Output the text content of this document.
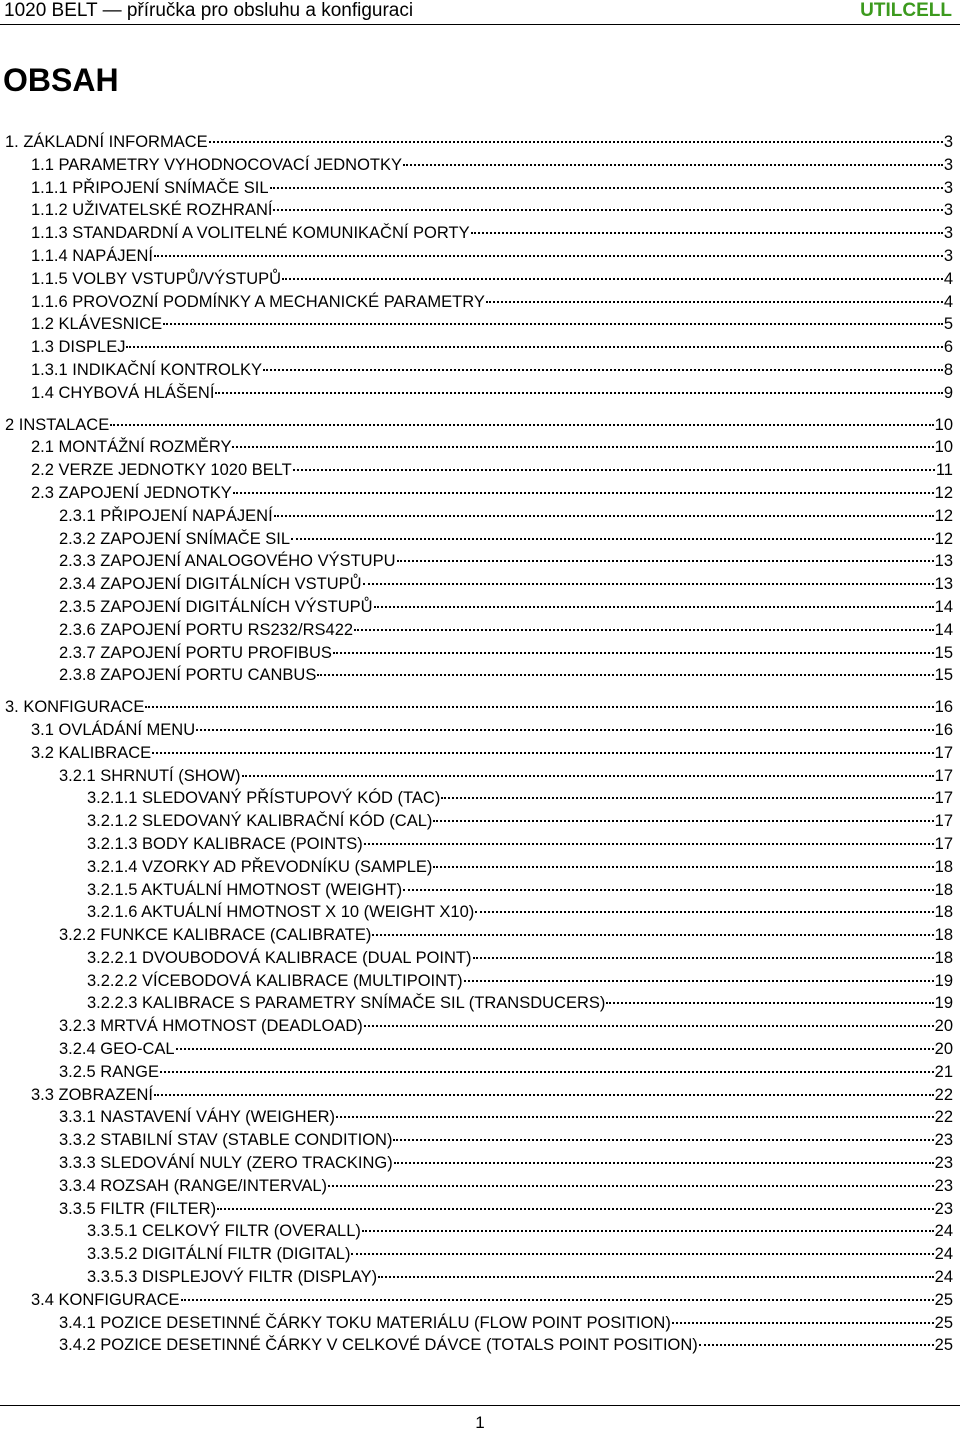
1020 BELT — příručka pro obsluhu a konfiguraci	UTILCELL
OBSAH
1. ZÁKLADNÍ INFORMACE	3
1.1 PARAMETRY VYHODNOCOVACÍ JEDNOTKY	3
1.1.1 PŘIPOJENÍ SNÍMAČE SIL	3
1.1.2 UŽIVATELSKÉ ROZHRANÍ	3
1.1.3 STANDARDNÍ A VOLITELNÉ KOMUNIKAČNÍ PORTY	3
1.1.4 NAPÁJENÍ	3
1.1.5 VOLBY VSTUPŮ/VÝSTUPŮ	4
1.1.6 PROVOZNÍ PODMÍNKY A MECHANICKÉ PARAMETRY	4
1.2 KLÁVESNICE	5
1.3 DISPLEJ	6
1.3.1 INDIKAČNÍ KONTROLKY	8
1.4 CHYBOVÁ HLÁŠENÍ	9
2 INSTALACE	10
2.1 MONTÁŽNÍ ROZMĚRY	10
2.2 VERZE JEDNOTKY 1020 BELT	11
2.3 ZAPOJENÍ JEDNOTKY	12
2.3.1 PŘIPOJENÍ NAPÁJENÍ	12
2.3.2 ZAPOJENÍ SNÍMAČE SIL	12
2.3.3 ZAPOJENÍ ANALOGOVÉHO VÝSTUPU	13
2.3.4 ZAPOJENÍ DIGITÁLNÍCH VSTUPŮ	13
2.3.5 ZAPOJENÍ DIGITÁLNÍCH VÝSTUPŮ	14
2.3.6 ZAPOJENÍ PORTU RS232/RS422	14
2.3.7 ZAPOJENÍ PORTU PROFIBUS	15
2.3.8 ZAPOJENÍ PORTU CANBUS	15
3. KONFIGURACE	16
3.1 OVLÁDÁNÍ MENU	16
3.2 KALIBRACE	17
3.2.1 SHRNUTÍ (SHOW)	17
3.2.1.1 SLEDOVANÝ PŘÍSTUPOVÝ KÓD (TAC)	17
3.2.1.2 SLEDOVANÝ KALIBRAČNÍ KÓD (CAL)	17
3.2.1.3 BODY KALIBRACE (POINTS)	17
3.2.1.4 VZORKY AD PŘEVODNÍKU (SAMPLE)	18
3.2.1.5 AKTUÁLNÍ HMOTNOST (WEIGHT)	18
3.2.1.6 AKTUÁLNÍ HMOTNOST X 10 (WEIGHT X10)	18
3.2.2 FUNKCE KALIBRACE (CALIBRATE)	18
3.2.2.1 DVOUBODOVÁ KALIBRACE (DUAL POINT)	18
3.2.2.2 VÍCEBODOVÁ KALIBRACE (MULTIPOINT)	19
3.2.2.3 KALIBRACE S PARAMETRY SNÍMAČE SIL (TRANSDUCERS)	19
3.2.3 MRTVÁ HMOTNOST (DEADLOAD)	20
3.2.4 GEO-CAL	20
3.2.5 RANGE	21
3.3 ZOBRAZENÍ	22
3.3.1 NASTAVENÍ VÁHY (WEIGHER)	22
3.3.2 STABILNÍ STAV (STABLE CONDITION)	23
3.3.3 SLEDOVÁNÍ NULY (ZERO TRACKING)	23
3.3.4 ROZSAH (RANGE/INTERVAL)	23
3.3.5 FILTR (FILTER)	23
3.3.5.1 CELKOVÝ FILTR (OVERALL)	24
3.3.5.2 DIGITÁLNÍ FILTR (DIGITAL)	24
3.3.5.3 DISPLEJOVÝ FILTR (DISPLAY)	24
3.4 KONFIGURACE	25
3.4.1 POZICE DESETINNÉ ČÁRKY TOKU MATERIÁLU (FLOW POINT POSITION)	25
3.4.2 POZICE DESETINNÉ ČÁRKY V CELKOVÉ DÁVCE (TOTALS POINT POSITION)	25
1
